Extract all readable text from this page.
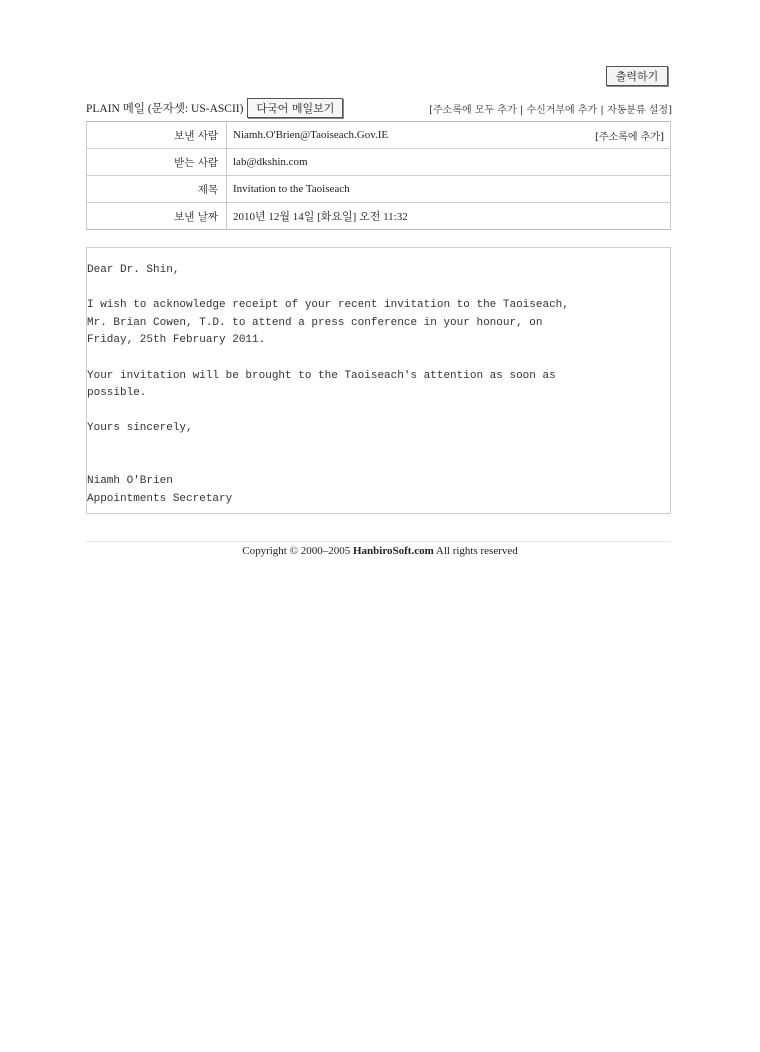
출력하기
PLAIN 메일 (문자셋: US-ASCII)	다국어 메일보기	[주소록에 모두 추가 | 수신거부에 추가 | 자동분류 설정]
보낸 사람	Niamh.O'Brien@Taoiseach.Gov.IE	[주소록에 추가]
받는 사람	lab@dkshin.com
제목	Invitation to the Taoiseach
보낸 날짜	2010년 12월 14일 [화요일] 오전 11:32
Dear Dr. Shin,

I wish to acknowledge receipt of your recent invitation to the Taoiseach,
Mr. Brian Cowen, T.D. to attend a press conference in your honour, on
Friday, 25th February 2011.

Your invitation will be brought to the Taoiseach's attention as soon as
possible.

Yours sincerely,

Niamh O'Brien
Appointments Secretary
Copyright © 2000–2005 HanbiroSoft.com All rights reserved
